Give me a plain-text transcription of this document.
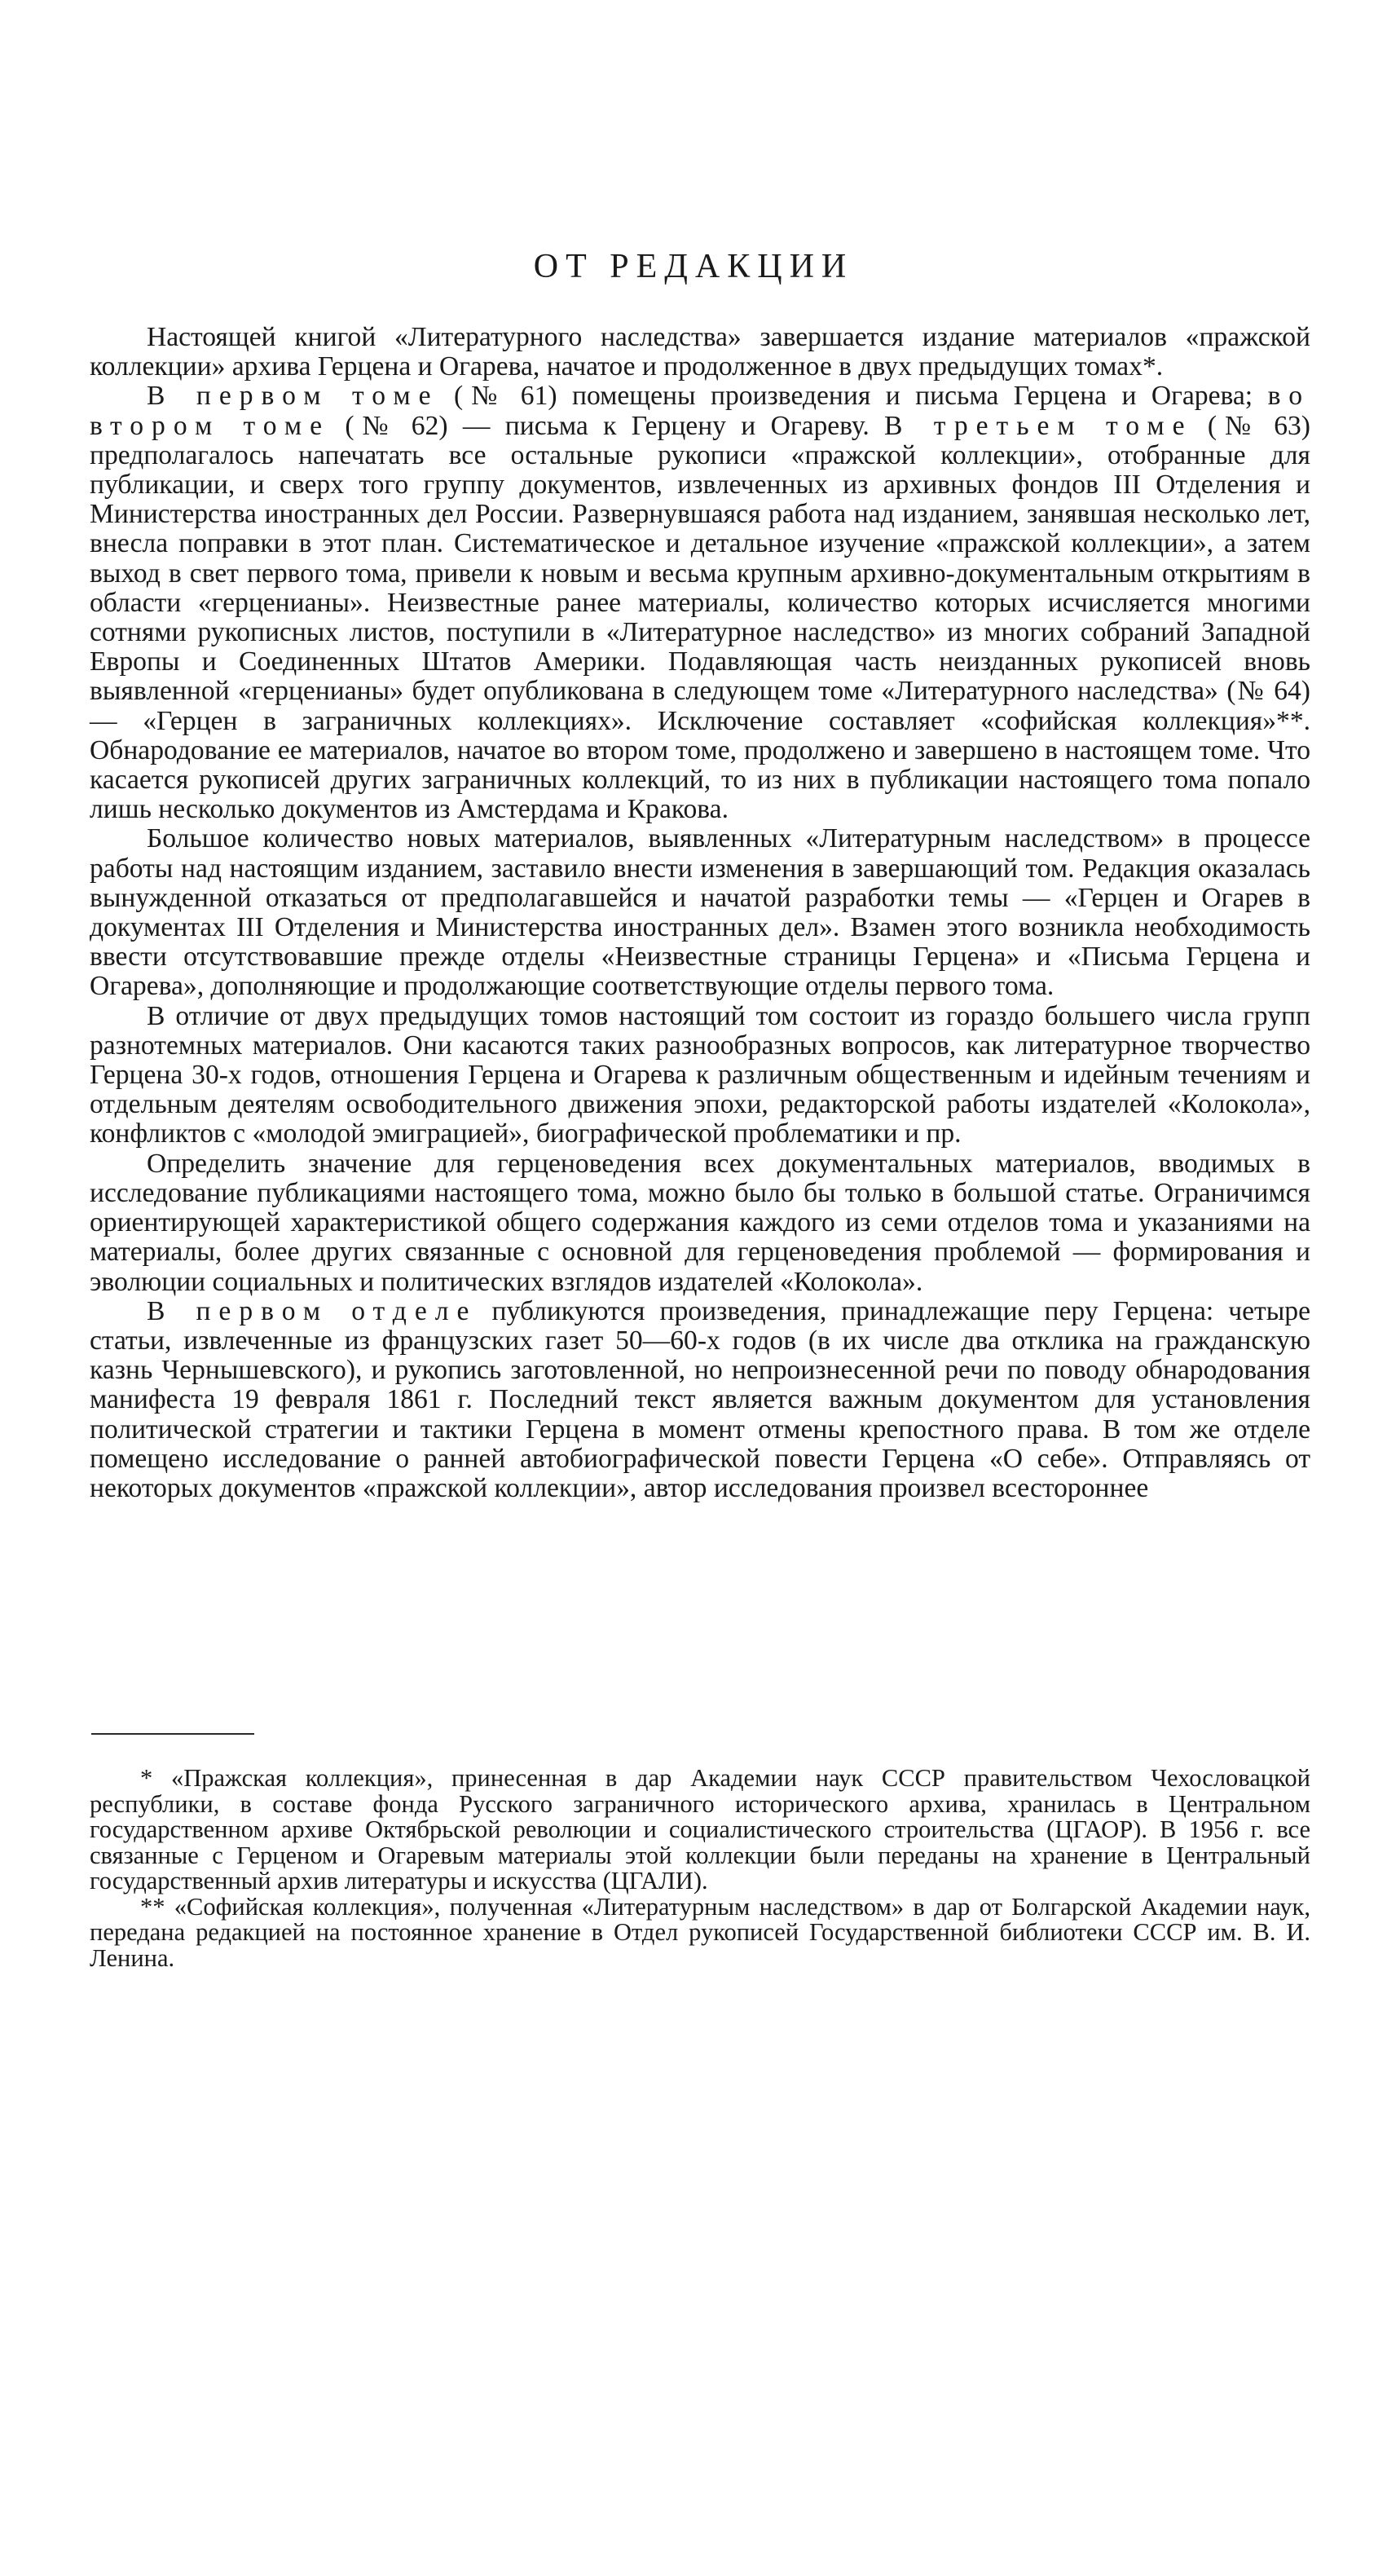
ОТ РЕДАКЦИИ

Настоящей книгой «Литературного наследства» завершается издание материалов «пражской коллекции» архива Герцена и Огарева, начатое и продолженное в двух предыдущих томах*.

В первом томе (№ 61) помещены произведения и письма Герцена и Огарева; во втором томе (№ 62) — письма к Герцену и Огареву. В третьем томе (№ 63) предполагалось напечатать все остальные рукописи «пражской коллекции», отобранные для публикации, и сверх того группу документов, извлеченных из архивных фондов III Отделения и Министерства иностранных дел России. Развернувшаяся работа над изданием, занявшая несколько лет, внесла поправки в этот план. Систематическое и детальное изучение «пражской коллекции», а затем выход в свет первого тома, привели к новым и весьма крупным архивно-документальным открытиям в области «герценианы». Неизвестные ранее материалы, количество которых исчисляется многими сотнями рукописных листов, поступили в «Литературное наследство» из многих собраний Западной Европы и Соединенных Штатов Америки. Подавляющая часть неизданных рукописей вновь выявленной «герценианы» будет опубликована в следующем томе «Литературного наследства» (№ 64) — «Герцен в заграничных коллекциях». Исключение составляет «софийская коллекция»**. Обнародование ее материалов, начатое во втором томе, продолжено и завершено в настоящем томе. Что касается рукописей других заграничных коллекций, то из них в публикации настоящего тома попало лишь несколько документов из Амстердама и Кракова.

Большое количество новых материалов, выявленных «Литературным наследством» в процессе работы над настоящим изданием, заставило внести изменения в завершающий том. Редакция оказалась вынужденной отказаться от предполагавшейся и начатой разработки темы — «Герцен и Огарев в документах III Отделения и Министерства иностранных дел». Взамен этого возникла необходимость ввести отсутствовавшие прежде отделы «Неизвестные страницы Герцена» и «Письма Герцена и Огарева», дополняющие и продолжающие соответствующие отделы первого тома.

В отличие от двух предыдущих томов настоящий том состоит из гораздо большего числа групп разнотемных материалов. Они касаются таких разнообразных вопросов, как литературное творчество Герцена 30-х годов, отношения Герцена и Огарева к различным общественным и идейным течениям и отдельным деятелям освободительного движения эпохи, редакторской работы издателей «Колокола», конфликтов с «молодой эмиграцией», биографической проблематики и пр.

Определить значение для герценоведения всех документальных материалов, вводимых в исследование публикациями настоящего тома, можно было бы только в большой статье. Ограничимся ориентирующей характеристикой общего содержания каждого из семи отделов тома и указаниями на материалы, более других связанные с основной для герценоведения проблемой — формирования и эволюции социальных и политических взглядов издателей «Колокола».

В первом отделе публикуются произведения, принадлежащие перу Герцена: четыре статьи, извлеченные из французских газет 50—60-х годов (в их числе два отклика на гражданскую казнь Чернышевского), и рукопись заготовленной, но непроизнесенной речи по поводу обнародования манифеста 19 февраля 1861 г. Последний текст является важным документом для установления политической стратегии и тактики Герцена в момент отмены крепостного права. В том же отделе помещено исследование о ранней автобиографической повести Герцена «О себе». Отправляясь от некоторых документов «пражской коллекции», автор исследования произвел всестороннее

* «Пражская коллекция», принесенная в дар Академии наук СССР правительством Чехословацкой республики, в составе фонда Русского заграничного исторического архива, хранилась в Центральном государственном архиве Октябрьской революции и социалистического строительства (ЦГАОР). В 1956 г. все связанные с Герценом и Огаревым материалы этой коллекции были переданы на хранение в Центральный государственный архив литературы и искусства (ЦГАЛИ).

** «Софийская коллекция», полученная «Литературным наследством» в дар от Болгарской Академии наук, передана редакцией на постоянное хранение в Отдел рукописей Государственной библиотеки СССР им. В. И. Ленина.
